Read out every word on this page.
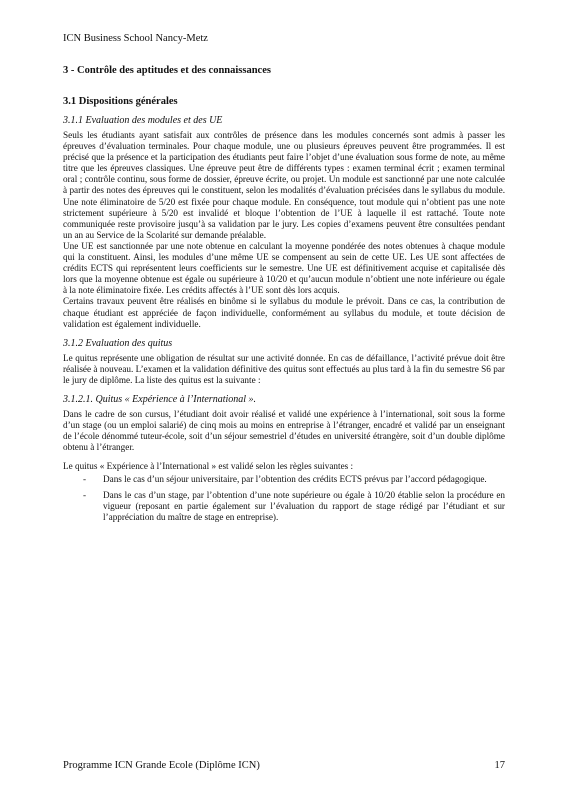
ICN Business School Nancy-Metz
3 - Contrôle des aptitudes et des connaissances
3.1 Dispositions générales
3.1.1 Evaluation des modules et des UE

Seuls les étudiants ayant satisfait aux contrôles de présence dans les modules concernés sont admis à passer les épreuves d’évaluation terminales. Pour chaque module, une ou plusieurs épreuves peuvent être programmées. Il est précisé que la présence et la participation des étudiants peut faire l’objet d’une évaluation sous forme de note, au même titre que les épreuves classiques. Une épreuve peut être de différents types : examen terminal écrit ; examen terminal oral ; contrôle continu, sous forme de dossier, épreuve écrite, ou projet. Un module est sanctionné par une note calculée à partir des notes des épreuves qui le constituent, selon les modalités d’évaluation précisées dans le syllabus du module. Une note éliminatoire de 5/20 est fixée pour chaque module. En conséquence, tout module qui n’obtient pas une note strictement supérieure à 5/20 est invalidé et bloque l’obtention de l’UE à laquelle il est rattaché. Toute note communiquée reste provisoire jusqu’à sa validation par le jury. Les copies d’examens peuvent être consultées pendant un an au Service de la Scolarité sur demande préalable.

Une UE est sanctionnée par une note obtenue en calculant la moyenne pondérée des notes obtenues à chaque module qui la constituent. Ainsi, les modules d’une même UE se compensent au sein de cette UE. Les UE sont affectées de crédits ECTS qui représentent leurs coefficients sur le semestre. Une UE est définitivement acquise et capitalisée dès lors que la moyenne obtenue est égale ou supérieure à 10/20 et qu’aucun module n’obtient une note inférieure ou égale à la note éliminatoire fixée. Les crédits affectés à l’UE sont dès lors acquis.

Certains travaux peuvent être réalisés en binôme si le syllabus du module le prévoit. Dans ce cas, la contribution de chaque étudiant est appréciée de façon individuelle, conformément au syllabus du module, et toute décision de validation est également individuelle.

3.1.2 Evaluation des quitus

Le quitus représente une obligation de résultat sur une activité donnée. En cas de défaillance, l’activité prévue doit être réalisée à nouveau. L’examen et la validation définitive des quitus sont effectués au plus tard à la fin du semestre S6 par le jury de diplôme. La liste des quitus est la suivante :

3.1.2.1. Quitus « Expérience à l’International ».

Dans le cadre de son cursus, l’étudiant doit avoir réalisé et validé une expérience à l’international, soit sous la forme d’un stage (ou un emploi salarié) de cinq mois au moins en entreprise à l’étranger, encadré et validé par un enseignant de l’école dénommé tuteur-école, soit d’un séjour semestriel d’études en université étrangère, soit d’un double diplôme obtenu à l’étranger.

Le quitus « Expérience à l’International » est validé selon les règles suivantes :

- Dans le cas d’un séjour universitaire, par l’obtention des crédits ECTS prévus par l’accord pédagogique.
- Dans le cas d’un stage, par l’obtention d’une note supérieure ou égale à 10/20 établie selon la procédure en vigueur (reposant en partie également sur l’évaluation du rapport de stage rédigé par l’étudiant et sur l’appréciation du maître de stage en entreprise).
Programme ICN Grande Ecole (Diplôme ICN)	17
